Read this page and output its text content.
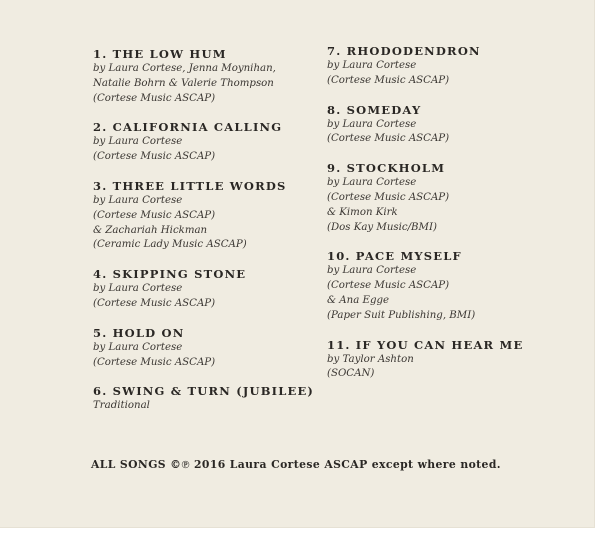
1. THE LOW HUM
by Laura Cortese, Jenna Moynihan,
Natalie Bohrn & Valerie Thompson
(Cortese Music ASCAP)
2. CALIFORNIA CALLING
by Laura Cortese
(Cortese Music ASCAP)
3. THREE LITTLE WORDS
by Laura Cortese
(Cortese Music ASCAP)
& Zachariah Hickman
(Ceramic Lady Music ASCAP)
4. SKIPPING STONE
by Laura Cortese
(Cortese Music ASCAP)
5. HOLD ON
by Laura Cortese
(Cortese Music ASCAP)
6. SWING & TURN (JUBILEE)
Traditional
7. RHODODENDRON
by Laura Cortese
(Cortese Music ASCAP)
8. SOMEDAY
by Laura Cortese
(Cortese Music ASCAP)
9. STOCKHOLM
by Laura Cortese
(Cortese Music ASCAP)
& Kimon Kirk
(Dos Kay Music/BMI)
10. PACE MYSELF
by Laura Cortese
(Cortese Music ASCAP)
& Ana Egge
(Paper Suit Publishing, BMI)
11. IF YOU CAN HEAR ME
by Taylor Ashton
(SOCAN)
ALL SONGS ©℗ 2016 Laura Cortese ASCAP except where noted.
